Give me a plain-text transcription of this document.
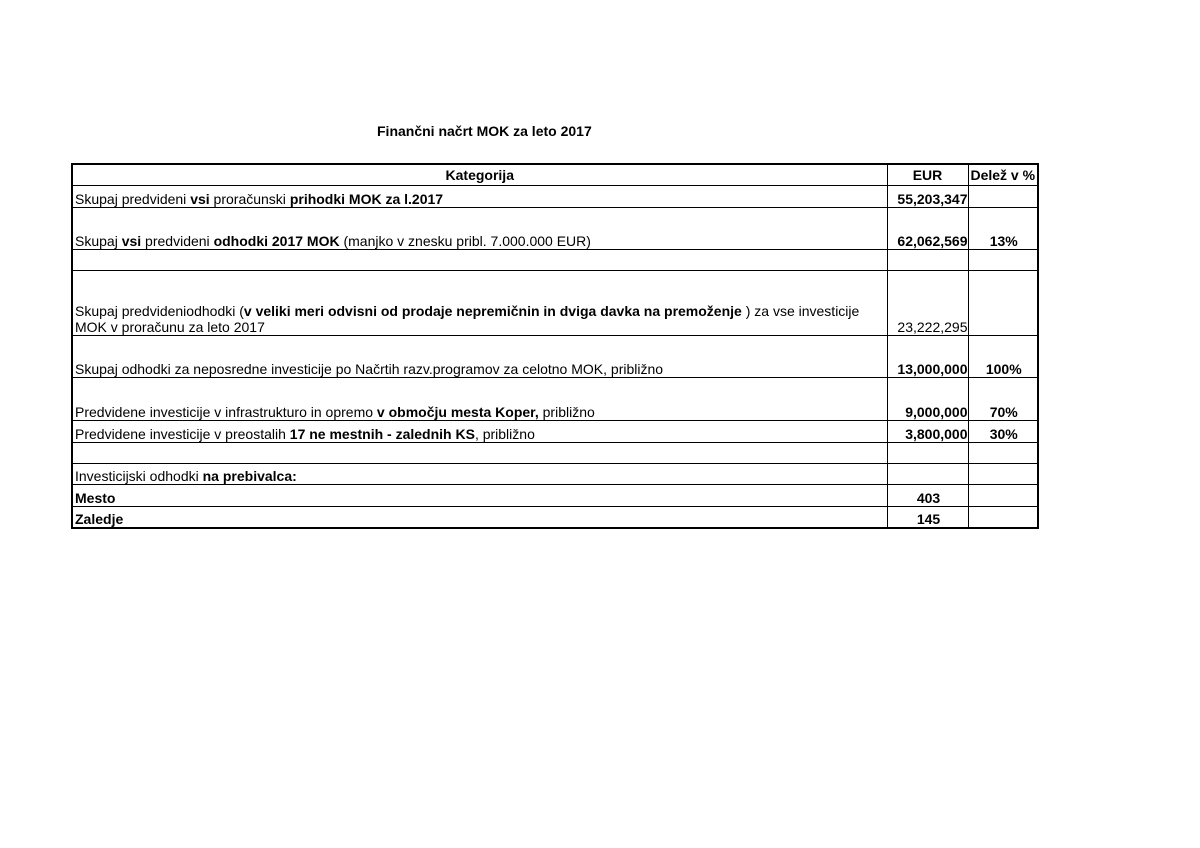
Finančni načrt MOK za leto 2017
Kategorija	EUR	Delež v %
Skupaj predvideni vsi proračunski prihodki MOK za l.2017	55,203,347	
Skupaj vsi predvideni odhodki 2017 MOK (manjko v znesku pribl. 7.000.000 EUR)	62,062,569	13%

Skupaj predvideniodhodki (v veliki meri odvisni od prodaje nepremičnin in dviga davka na premoženje ) za vse investicije MOK v proračunu za leto 2017	23,222,295	
Skupaj odhodki za neposredne investicije po Načrtih razv.programov za celotno MOK, približno	13,000,000	100%
Predvidene investicije v infrastrukturo in opremo v območju mesta Koper, približno	9,000,000	70%
Predvidene investicije v preostalih 17 ne mestnih - zalednih KS, približno	3,800,000	30%

Investicijski odhodki na prebivalca:		
Mesto	403	
Zaledje	145	
